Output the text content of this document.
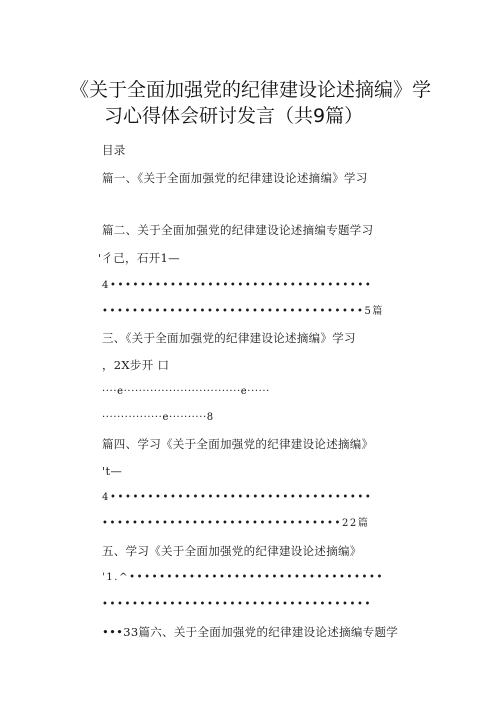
《关于全面加强党的纪律建设论述摘编》学
习心得体会研讨发言（共9篇）
目录
篇一、《关于全面加强党的纪律建设论述摘编》学习
篇二、关于全面加强党的纪律建设论述摘编专题学习
'彳己，石开1—
4•••••••••••••••••••••••••••••••••••
•••••••••••••••••••••••••••••••••••5篇
三、《关于全面加强党的纪律建设论述摘编》学习
，2X步开 口
····e·······························e······
················e··········8
篇四、学习《关于全面加强党的纪律建设论述摘编》
't—
4•••••••••••••••••••••••••••••••••••
••••••••••••••••••••••••••••••••22篇
五、学习《关于全面加强党的纪律建设论述摘编》
'1.^••••••••••••••••••••••••••••••••••
••••••••••••••••••••••••••••••••••••
•••33篇六、关于全面加强党的纪律建设论述摘编专题学
